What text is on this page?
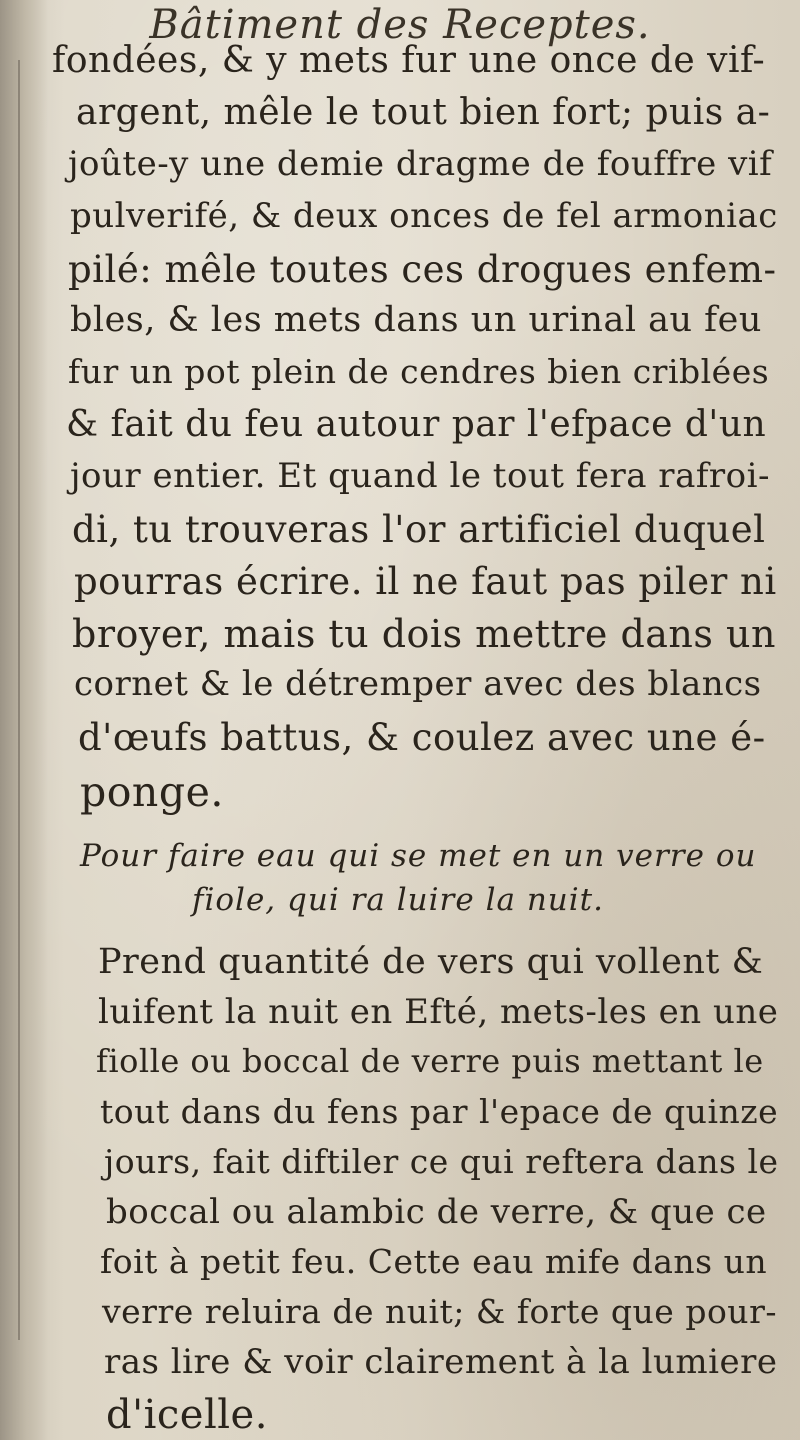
Bâtiment des Receptes.
fondées, & y mets fur une once de vif-
argent, mêle le tout bien fort; puis a-
joûte-y une demie dragme de fouffre vif
pulverifé, & deux onces de fel armoniac
pilé: mêle toutes ces drogues enfem-
bles, & les mets dans un urinal au feu
fur un pot plein de cendres bien criblées
& fait du feu autour par l'efpace d'un
jour entier. Et quand le tout fera rafroi-
di, tu trouveras l'or artificiel duquel
pourras écrire. il ne faut pas piler ni
broyer, mais tu dois mettre dans un
cornet & le détremper avec des blancs
d'œufs battus, & coulez avec une é-
ponge.
Pour faire eau qui se met en un verre ou
fiole, qui ra luire la nuit.
Prend quantité de vers qui vollent &
luifent la nuit en Efté, mets-les en une
fiolle ou boccal de verre puis mettant le
tout dans du fens par l'epace de quinze
jours, fait diftiler ce qui reftera dans le
boccal ou alambic de verre, & que ce
foit à petit feu. Cette eau mife dans un
verre reluira de nuit; & forte que pour-
ras lire & voir clairement à la lumiere
d'icelle.
